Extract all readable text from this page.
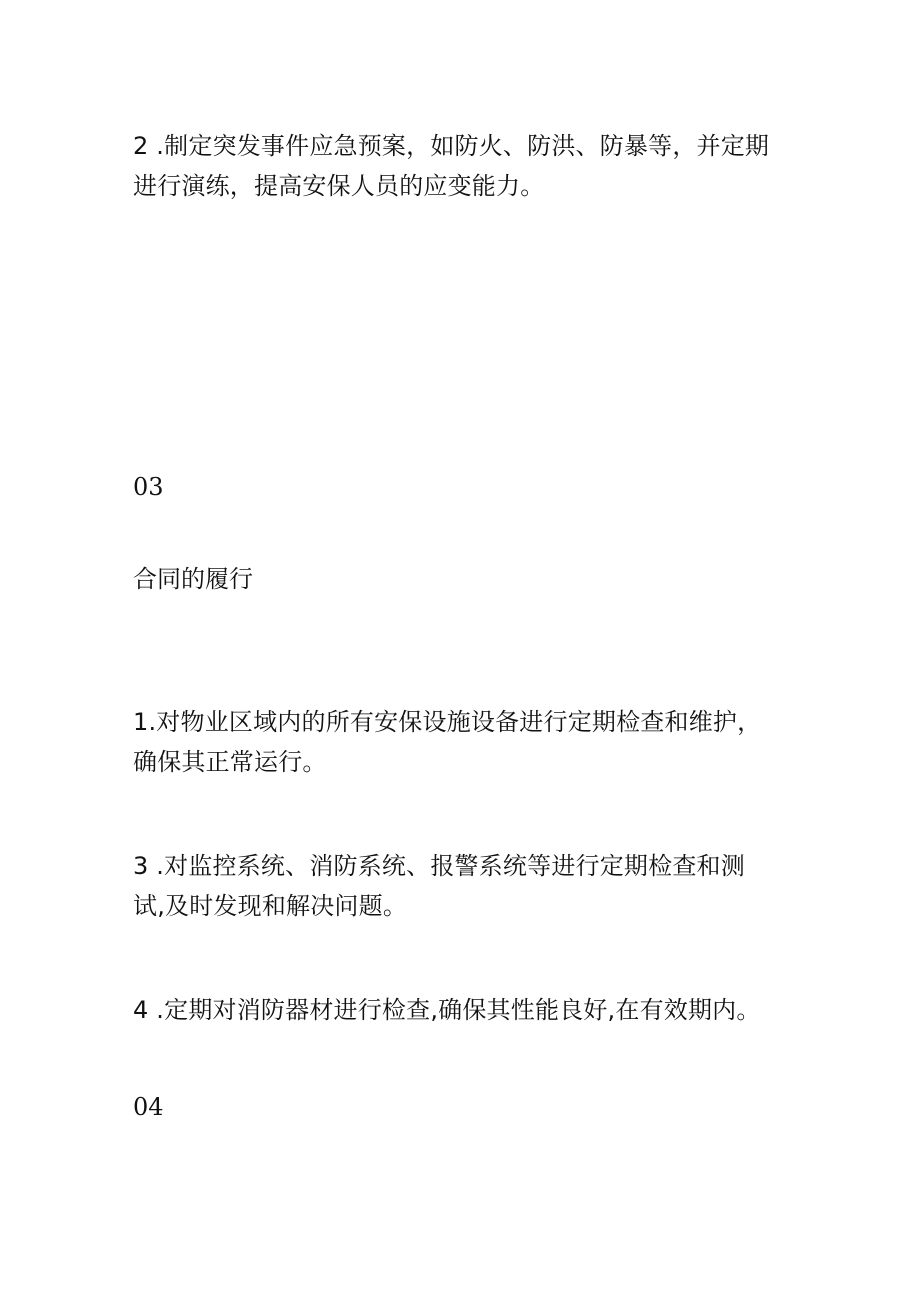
2 .制定突发事件应急预案，如防火、防洪、防暴等，并定期
进行演练，提高安保人员的应变能力。

03

合同的履行

1.对物业区域内的所有安保设施设备进行定期检查和维护，
确保其正常运行。

3 .对监控系统、消防系统、报警系统等进行定期检查和测
试,及时发现和解决问题。

4 .定期对消防器材进行检查,确保其性能良好,在有效期内。

04
